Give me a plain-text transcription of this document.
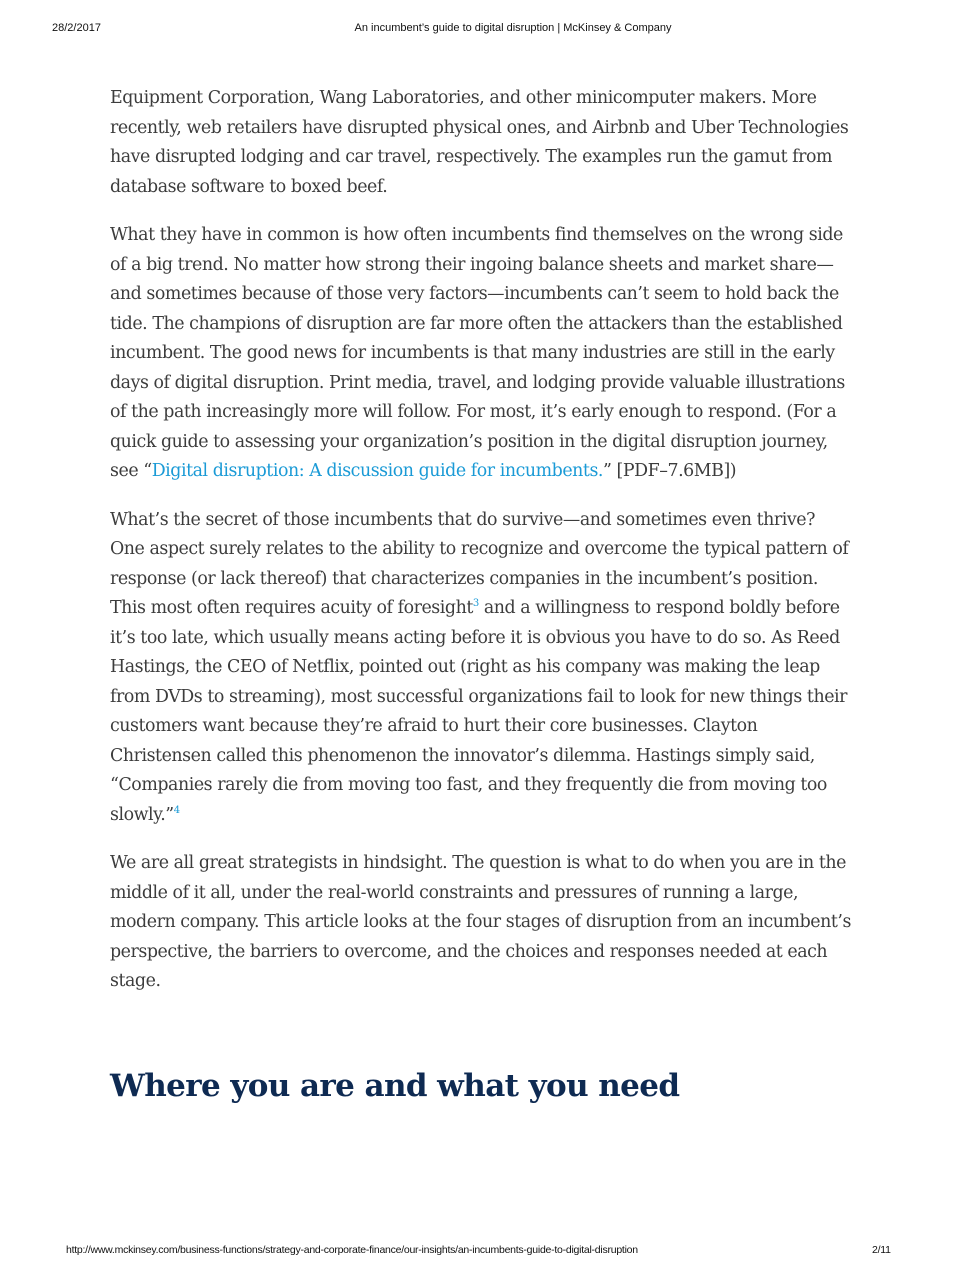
28/2/2017	An incumbent’s guide to digital disruption | McKinsey & Company

Equipment Corporation, Wang Laboratories, and other minicomputer makers. More recently, web retailers have disrupted physical ones, and Airbnb and Uber Technologies have disrupted lodging and car travel, respectively. The examples run the gamut from database software to boxed beef.

What they have in common is how often incumbents find themselves on the wrong side of a big trend. No matter how strong their ingoing balance sheets and market share—and sometimes because of those very factors—incumbents can’t seem to hold back the tide. The champions of disruption are far more often the attackers than the established incumbent. The good news for incumbents is that many industries are still in the early days of digital disruption. Print media, travel, and lodging provide valuable illustrations of the path increasingly more will follow. For most, it’s early enough to respond. (For a quick guide to assessing your organization’s position in the digital disruption journey, see “Digital disruption: A discussion guide for incumbents.” [PDF–7.6MB])

What’s the secret of those incumbents that do survive—and sometimes even thrive? One aspect surely relates to the ability to recognize and overcome the typical pattern of response (or lack thereof) that characterizes companies in the incumbent’s position. This most often requires acuity of foresight$^3$ and a willingness to respond boldly before it’s too late, which usually means acting before it is obvious you have to do so. As Reed Hastings, the CEO of Netflix, pointed out (right as his company was making the leap from DVDs to streaming), most successful organizations fail to look for new things their customers want because they’re afraid to hurt their core businesses. Clayton Christensen called this phenomenon the innovator’s dilemma. Hastings simply said, “Companies rarely die from moving too fast, and they frequently die from moving too slowly.”$^4$

We are all great strategists in hindsight. The question is what to do when you are in the middle of it all, under the real-world constraints and pressures of running a large, modern company. This article looks at the four stages of disruption from an incumbent’s perspective, the barriers to overcome, and the choices and responses needed at each stage.

Where you are and what you need
http://www.mckinsey.com/business-functions/strategy-and-corporate-finance/our-insights/an-incumbents-guide-to-digital-disruption	2/11
